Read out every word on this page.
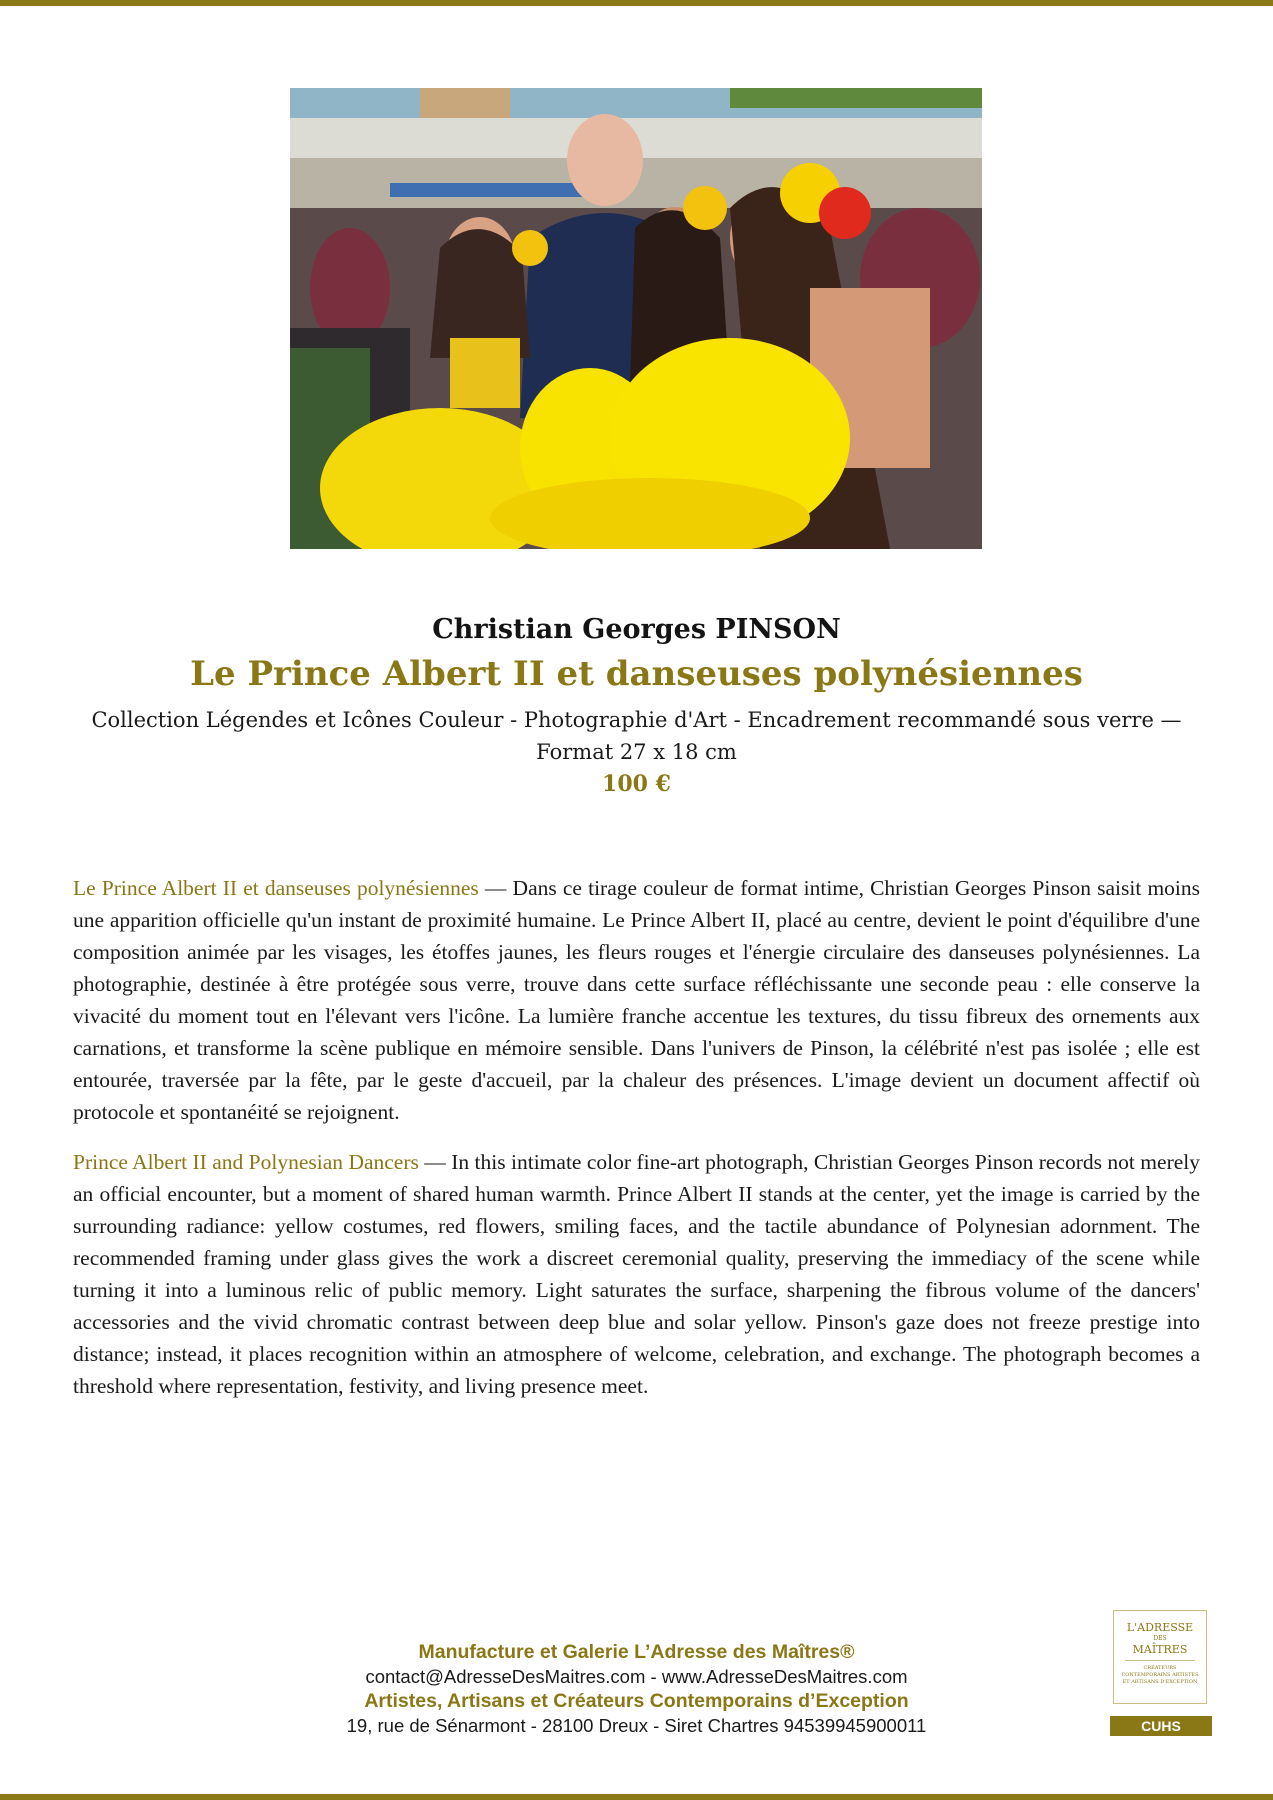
Christian Georges PINSON

Le Prince Albert II et danseuses polynésiennes

Collection Légendes et Icônes Couleur - Photographie d'Art - Encadrement recommandé sous verre — Format 27 x 18 cm

100 €

Le Prince Albert II et danseuses polynésiennes — Dans ce tirage couleur de format intime, Christian Georges Pinson saisit moins une apparition officielle qu'un instant de proximité humaine. Le Prince Albert II, placé au centre, devient le point d'équilibre d'une composition animée par les visages, les étoffes jaunes, les fleurs rouges et l'énergie circulaire des danseuses polynésiennes. La photographie, destinée à être protégée sous verre, trouve dans cette surface réfléchissante une seconde peau : elle conserve la vivacité du moment tout en l'élevant vers l'icône. La lumière franche accentue les textures, du tissu fibreux des ornements aux carnations, et transforme la scène publique en mémoire sensible. Dans l'univers de Pinson, la célébrité n'est pas isolée ; elle est entourée, traversée par la fête, par le geste d'accueil, par la chaleur des présences. L'image devient un document affectif où protocole et spontanéité se rejoignent.

Prince Albert II and Polynesian Dancers — In this intimate color fine-art photograph, Christian Georges Pinson records not merely an official encounter, but a moment of shared human warmth. Prince Albert II stands at the center, yet the image is carried by the surrounding radiance: yellow costumes, red flowers, smiling faces, and the tactile abundance of Polynesian adornment. The recommended framing under glass gives the work a discreet ceremonial quality, preserving the immediacy of the scene while turning it into a luminous relic of public memory. Light saturates the surface, sharpening the fibrous volume of the dancers' accessories and the vivid chromatic contrast between deep blue and solar yellow. Pinson's gaze does not freeze prestige into distance; instead, it places recognition within an atmosphere of welcome, celebration, and exchange. The photograph becomes a threshold where representation, festivity, and living presence meet.

Manufacture et Galerie L’Adresse des Maîtres®
contact@AdresseDesMaitres.com - www.AdresseDesMaitres.com
Artistes, Artisans et Créateurs Contemporains d’Exception
19, rue de Sénarmont - 28100 Dreux - Siret Chartres 94539945900011
L'ADRESSE
DES
MAÎTRES
CRÉATEURS CONTEMPORAINS ARTISTES ET ARTISANS D'EXCEPTION
CUHS
